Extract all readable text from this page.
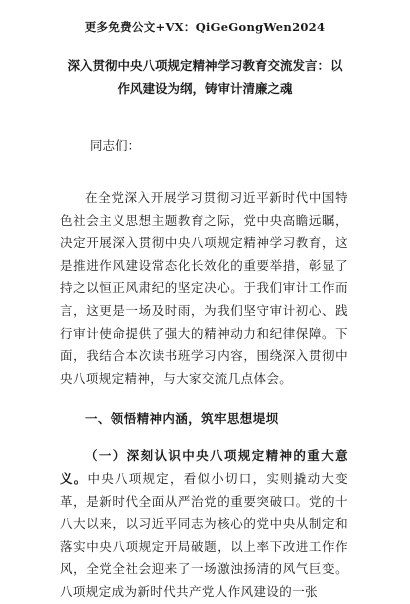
更多免费公文+VX：QiGeGongWen2024
深入贯彻中央八项规定精神学习教育交流发言：以作风建设为纲，铸审计清廉之魂

同志们：

在全党深入开展学习贯彻习近平新时代中国特色社会主义思想主题教育之际，党中央高瞻远瞩，决定开展深入贯彻中央八项规定精神学习教育，这是推进作风建设常态化长效化的重要举措，彰显了持之以恒正风肃纪的坚定决心。于我们审计工作而言，这更是一场及时雨，为我们坚守审计初心、践行审计使命提供了强大的精神动力和纪律保障。下面，我结合本次读书班学习内容，围绕深入贯彻中央八项规定精神，与大家交流几点体会。

一、领悟精神内涵，筑牢思想堤坝

（一）深刻认识中央八项规定精神的重大意义。中央八项规定，看似小切口，实则撬动大变革，是新时代全面从严治党的重要突破口。党的十八大以来，以习近平同志为核心的党中央从制定和落实中央八项规定开局破题，以上率下改进工作作风，全党全社会迎来了一场激浊扬清的风气巨变。八项规定成为新时代共产党人作风建设的一张
